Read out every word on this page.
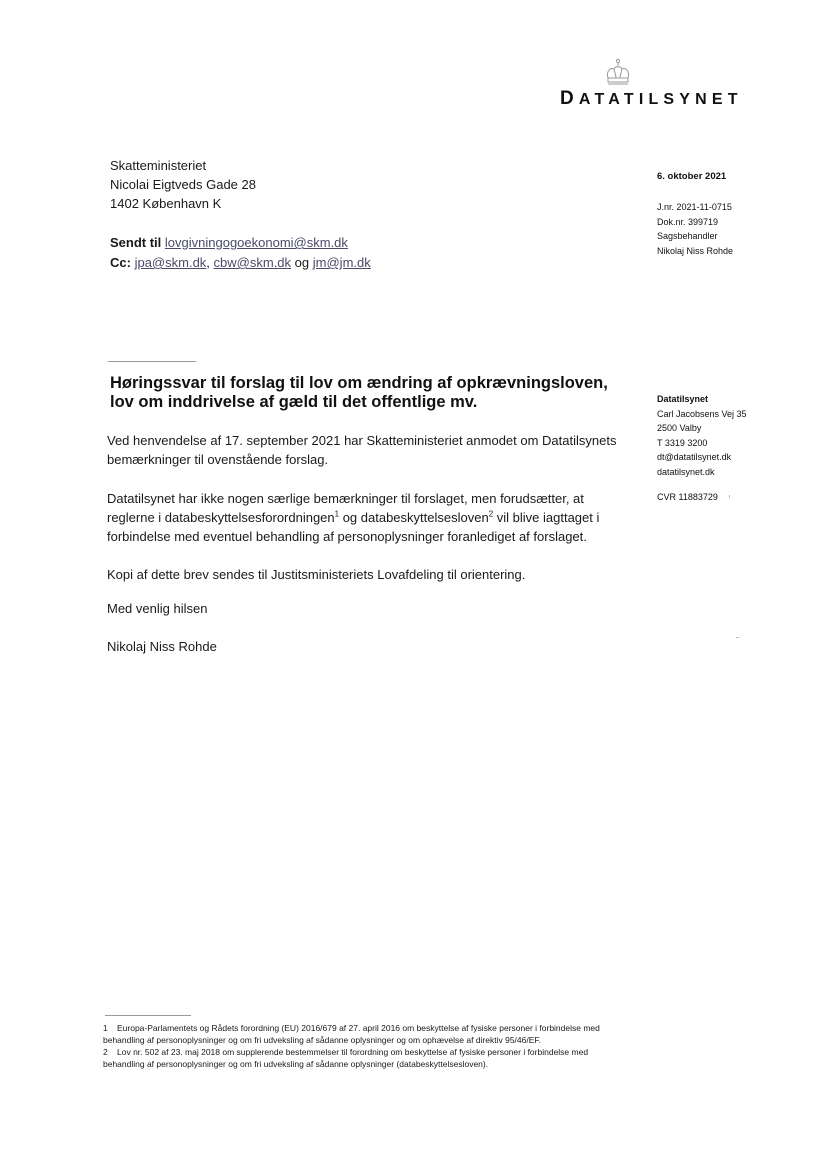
DATATILSYNET
Skatteministeriet
Nicolai Eigtveds Gade 28
1402 København K
Sendt til lovgivningogoekonomi@skm.dk
Cc: jpa@skm.dk, cbw@skm.dk og jm@jm.dk
6. oktober 2021
J.nr. 2021-11-0715
Dok.nr. 399719
Sagsbehandler
Nikolaj Niss Rohde
Datatilsynet
Carl Jacobsens Vej 35
2500 Valby
T 3319 3200
dt@datatilsynet.dk
datatilsynet.dk
CVR 11883729
Høringssvar til forslag til lov om ændring af opkrævningsloven, lov om inddrivelse af gæld til det offentlige mv.
Ved henvendelse af 17. september 2021 har Skatteministeriet anmodet om Datatilsynets bemærkninger til ovenstående forslag.
Datatilsynet har ikke nogen særlige bemærkninger til forslaget, men forudsætter, at reglerne i databeskyttelsesforordningen$^1$ og databeskyttelsesloven$^2$ vil blive iagttaget i forbindelse med eventuel behandling af personoplysninger foranlediget af forslaget.
Kopi af dette brev sendes til Justitsministeriets Lovafdeling til orientering.
Med venlig hilsen
Nikolaj Niss Rohde
1 Europa-Parlamentets og Rådets forordning (EU) 2016/679 af 27. april 2016 om beskyttelse af fysiske personer i forbindelse med behandling af personoplysninger og om fri udveksling af sådanne oplysninger og om ophævelse af direktiv 95/46/EF.
2 Lov nr. 502 af 23. maj 2018 om supplerende bestemmelser til forordning om beskyttelse af fysiske personer i forbindelse med behandling af personoplysninger og om fri udveksling af sådanne oplysninger (databeskyttelsesloven).
